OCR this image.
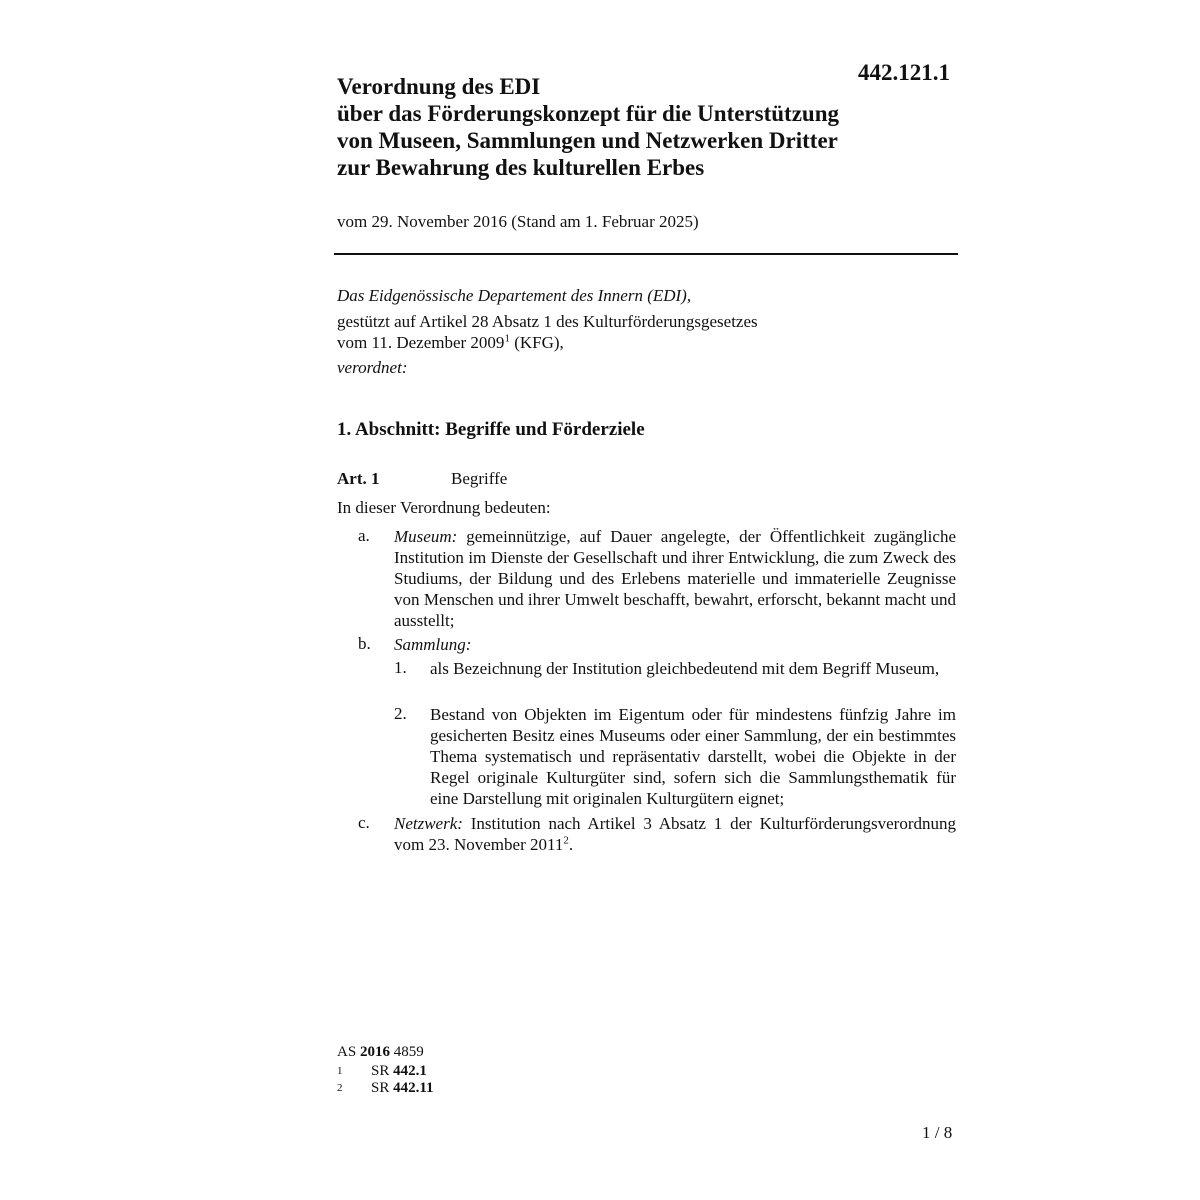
442.121.1
Verordnung des EDI
über das Förderungskonzept für die Unterstützung
von Museen, Sammlungen und Netzwerken Dritter
zur Bewahrung des kulturellen Erbes
vom 29. November 2016 (Stand am 1. Februar 2025)
Das Eidgenössische Departement des Innern (EDI),
gestützt auf Artikel 28 Absatz 1 des Kulturförderungsgesetzes
vom 11. Dezember 2009$^1$ (KFG),
verordnet:
1. Abschnitt: Begriffe und Förderziele
Art. 1	Begriffe
In dieser Verordnung bedeuten:
a. Museum: gemeinnützige, auf Dauer angelegte, der Öffentlichkeit zugängliche Institution im Dienste der Gesellschaft und ihrer Entwicklung, die zum Zweck des Studiums, der Bildung und des Erlebens materielle und immaterielle Zeugnisse von Menschen und ihrer Umwelt beschafft, bewahrt, erforscht, bekannt macht und ausstellt;
b. Sammlung:
1. als Bezeichnung der Institution gleichbedeutend mit dem Begriff Museum,
2. Bestand von Objekten im Eigentum oder für mindestens fünfzig Jahre im gesicherten Besitz eines Museums oder einer Sammlung, der ein bestimmtes Thema systematisch und repräsentativ darstellt, wobei die Objekte in der Regel originale Kulturgüter sind, sofern sich die Sammlungsthematik für eine Darstellung mit originalen Kulturgütern eignet;
c. Netzwerk: Institution nach Artikel 3 Absatz 1 der Kulturförderungsverordnung vom 23. November 2011$^2$.
AS 2016 4859
1 SR 442.1
2 SR 442.11
1 / 8
